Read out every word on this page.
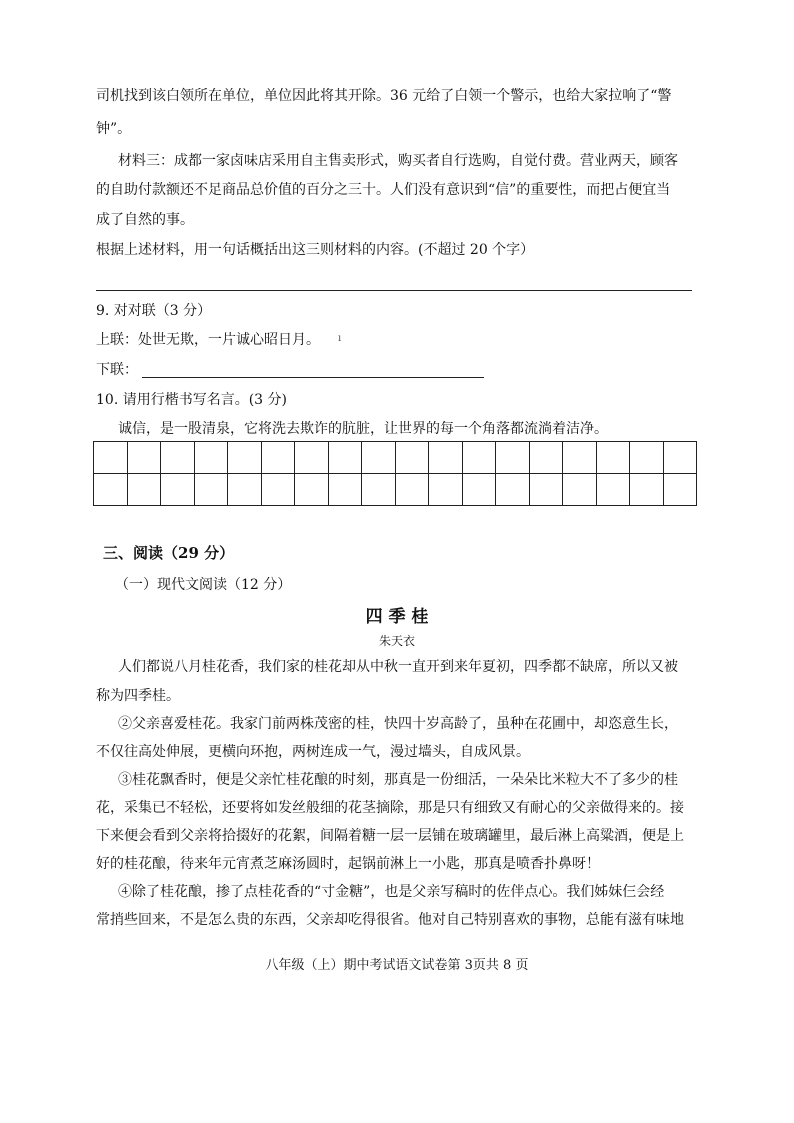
司机找到该白领所在单位，单位因此将其开除。36 元给了白领一个警示，也给大家拉响了“警
钟”。
材料三：成都一家卤味店采用自主售卖形式，购买者自行选购，自觉付费。营业两天，顾客
的自助付款额还不足商品总价值的百分之三十。人们没有意识到“信”的重要性，而把占便宜当
成了自然的事。
根据上述材料，用一句话概括出这三则材料的内容。(不超过 20 个字）
9. 对对联（3 分）
上联：处世无欺，一片诚心昭日月。 ı
下联：
10. 请用行楷书写名言。(3 分)
诚信，是一股清泉，它将洗去欺诈的肮脏，让世界的每一个角落都流淌着洁净。

三、阅读（29 分）
（一）现代文阅读（12 分）
四 季 桂
朱天衣
人们都说八月桂花香，我们家的桂花却从中秋一直开到来年夏初，四季都不缺席，所以又被
称为四季桂。
②父亲喜爱桂花。我家门前两株茂密的桂，快四十岁高龄了，虽种在花圃中，却恣意生长，
不仅往高处伸展，更横向环抱，两树连成一气，漫过墙头，自成风景。
③桂花飘香时，便是父亲忙桂花酿的时刻，那真是一份细活，一朵朵比米粒大不了多少的桂
花，采集已不轻松，还要将如发丝般细的花茎摘除，那是只有细致又有耐心的父亲做得来的。接
下来便会看到父亲将拾掇好的花絮，间隔着糖一层一层铺在玻璃罐里，最后淋上高粱酒，便是上
好的桂花酿，待来年元宵煮芝麻汤圆时，起锅前淋上一小匙，那真是喷香扑鼻呀！
④除了桂花酿，掺了点桂花香的“寸金糖”，也是父亲写稿时的佐伴点心。我们姊妹仨会经
常捎些回来，不是怎么贵的东西，父亲却吃得很省。他对自己特别喜欢的事物，总能有滋有味地
八年级（上）期中考试语文试卷第 3页共 8 页
